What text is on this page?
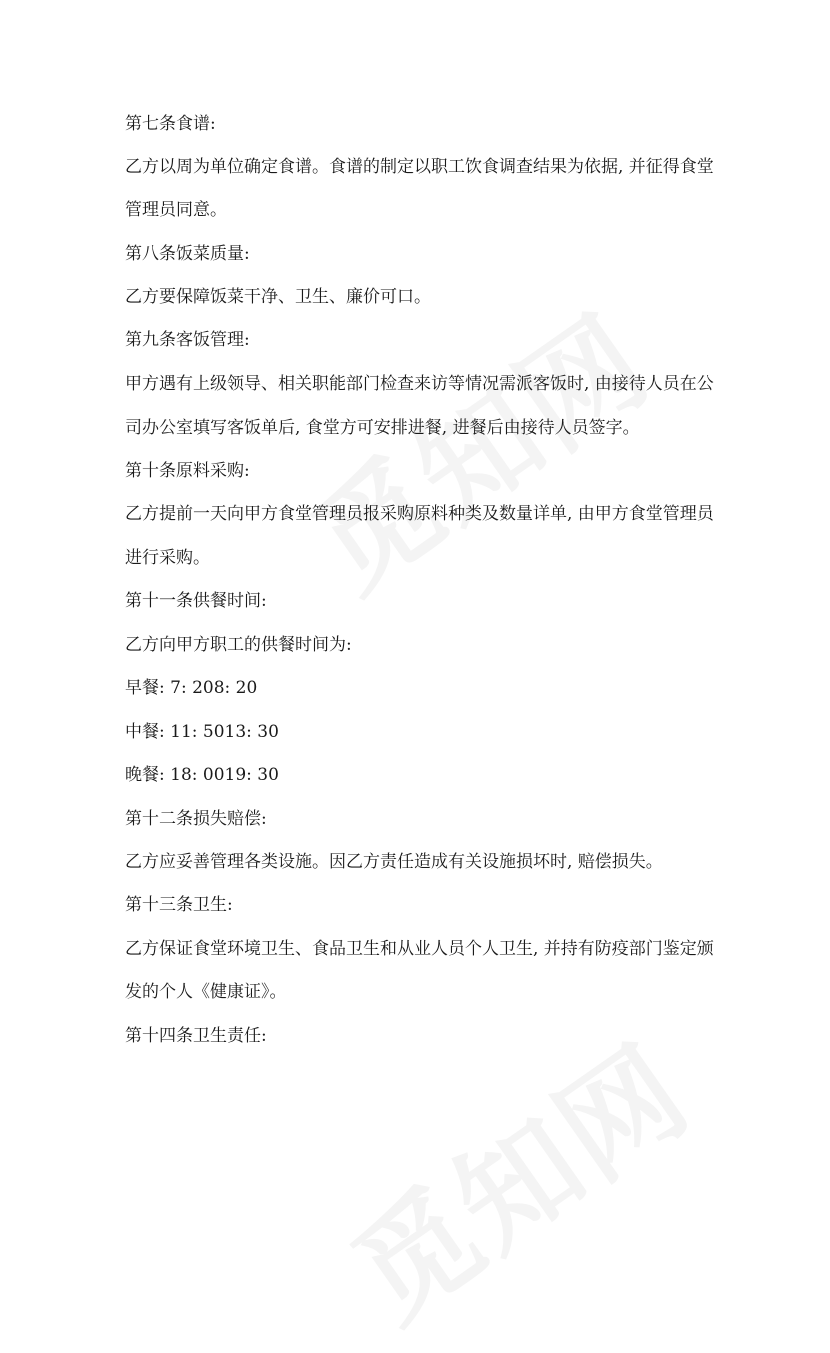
第七条食谱:
乙方以周为单位确定食谱。食谱的制定以职工饮食调查结果为依据, 并征得食堂
管理员同意。
第八条饭菜质量:
乙方要保障饭菜干净、卫生、廉价可口。
第九条客饭管理:
甲方遇有上级领导、相关职能部门检查来访等情况需派客饭时, 由接待人员在公
司办公室填写客饭单后, 食堂方可安排进餐, 进餐后由接待人员签字。
第十条原料采购:
乙方提前一天向甲方食堂管理员报采购原料种类及数量详单, 由甲方食堂管理员
进行采购。
第十一条供餐时间:
乙方向甲方职工的供餐时间为:
早餐: 7: 208: 20
中餐: 11: 5013: 30
晚餐: 18: 0019: 30
第十二条损失赔偿:
乙方应妥善管理各类设施。因乙方责任造成有关设施损坏时, 赔偿损失。
第十三条卫生:
乙方保证食堂环境卫生、食品卫生和从业人员个人卫生, 并持有防疫部门鉴定颁
发的个人《健康证》。
第十四条卫生责任:
